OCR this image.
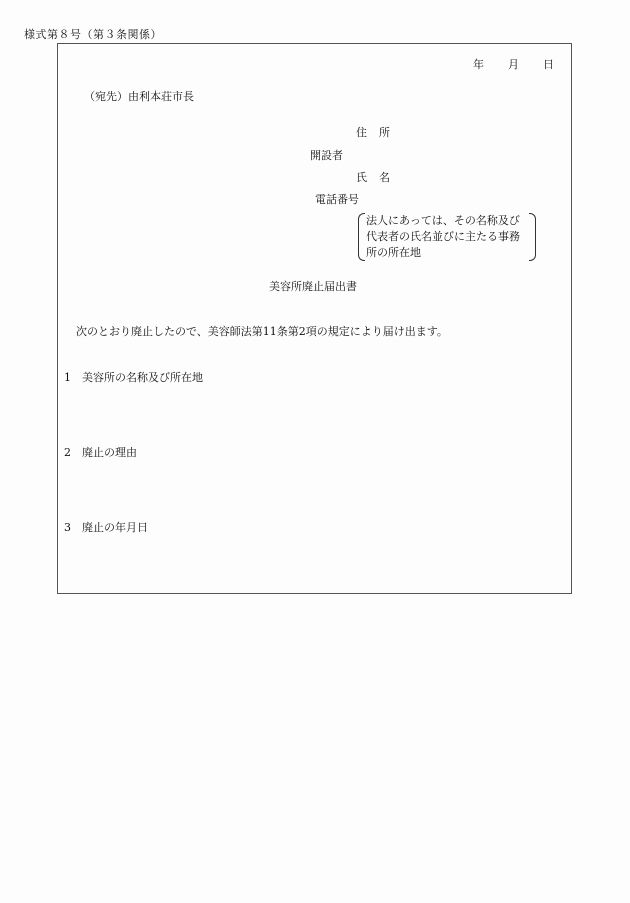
様式第８号（第３条関係）
年 月 日
（宛先）由利本荘市長
住所
開設者
氏名
電話番号
法人にあっては、その名称及び代表者の氏名並びに主たる事務所の所在地
美容所廃止届出書
次のとおり廃止したので、美容師法第11条第2項の規定により届け出ます。
1 美容所の名称及び所在地
2 廃止の理由
3 廃止の年月日
